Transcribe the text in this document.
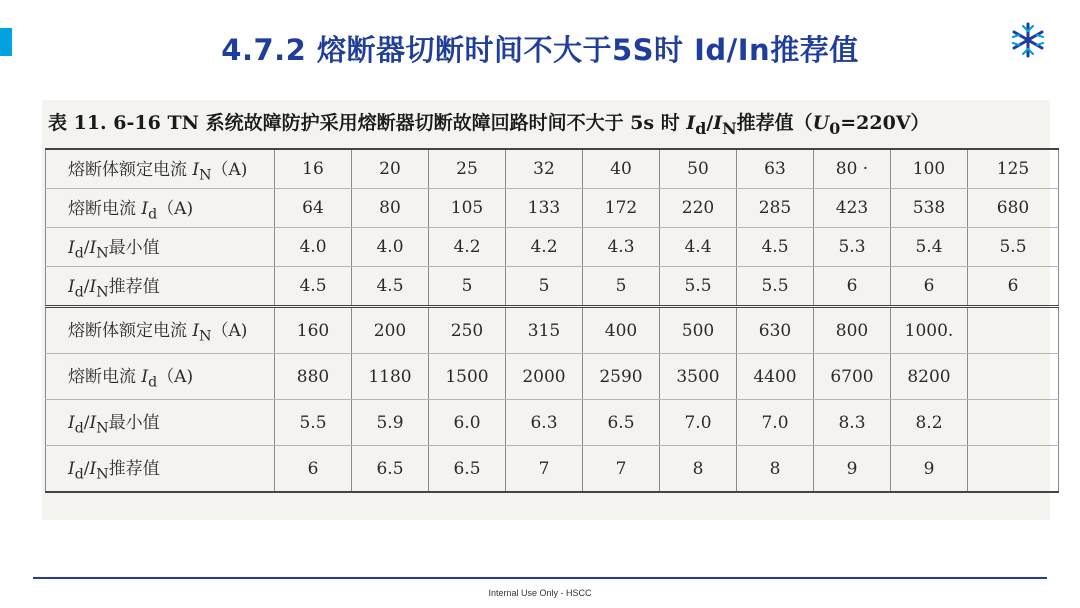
4.7.2 熔断器切断时间不大于5S时 Id/In推荐值
表 11. 6-16 TN 系统故障防护采用熔断器切断故障回路时间不大于 5s 时 $I_d/I_N$推荐值$(U_0=220V)$
熔断体额定电流 $I_N(A)$	16	20	25	32	40	50	63	80 ·	100	125
熔断电流 $I_d(A)$	64	80	105	133	172	220	285	423	538	680
$I_d/I_N$最小值	4.0	4.0	4.2	4.2	4.3	4.4	4.5	5.3	5.4	5.5
$I_d/I_N$推荐值	4.5	4.5	5	5	5	5.5	5.5	6	6	6
熔断体额定电流 $I_N(A)$	160	200	250	315	400	500	630	800	1000.	
熔断电流 $I_d(A)$	880	1180	1500	2000	2590	3500	4400	6700	8200	
$I_d/I_N$最小值	5.5	5.9	6.0	6.3	6.5	7.0	7.0	8.3	8.2	
$I_d/I_N$推荐值	6	6.5	6.5	7	7	8	8	9	9	
Internal Use Only - HSCC
